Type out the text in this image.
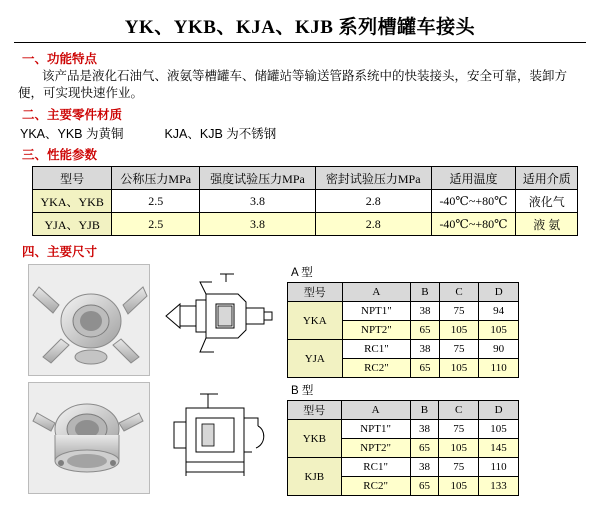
YK、YKB、KJA、KJB 系列槽罐车接头
一、功能特点
该产品是液化石油气、液氨等槽罐车、储罐站等输送管路系统中的快装接头，安全可靠，装卸方便，可实现快速作业。
二、主要零件材质
YKA、YKB 为黄铜	KJA、KJB 为不锈钢
三、性能参数
型号	公称压力MPa	强度试验压力MPa	密封试验压力MPa	适用温度	适用介质
YKA、YKB	2.5	3.8	2.8	-40℃~+80℃	液化气
YJA、YJB	2.5	3.8	2.8	-40℃~+80℃	液 氨
四、主要尺寸
A 型
型号	A	B	C	D
YKA	NPT1"	38	75	94
	NPT2"	65	105	105
YJA	RC1"	38	75	90
	RC2"	65	105	110
B 型
型号	A	B	C	D
YKB	NPT1"	38	75	105
	NPT2"	65	105	145
KJB	RC1"	38	75	110
	RC2"	65	105	133
